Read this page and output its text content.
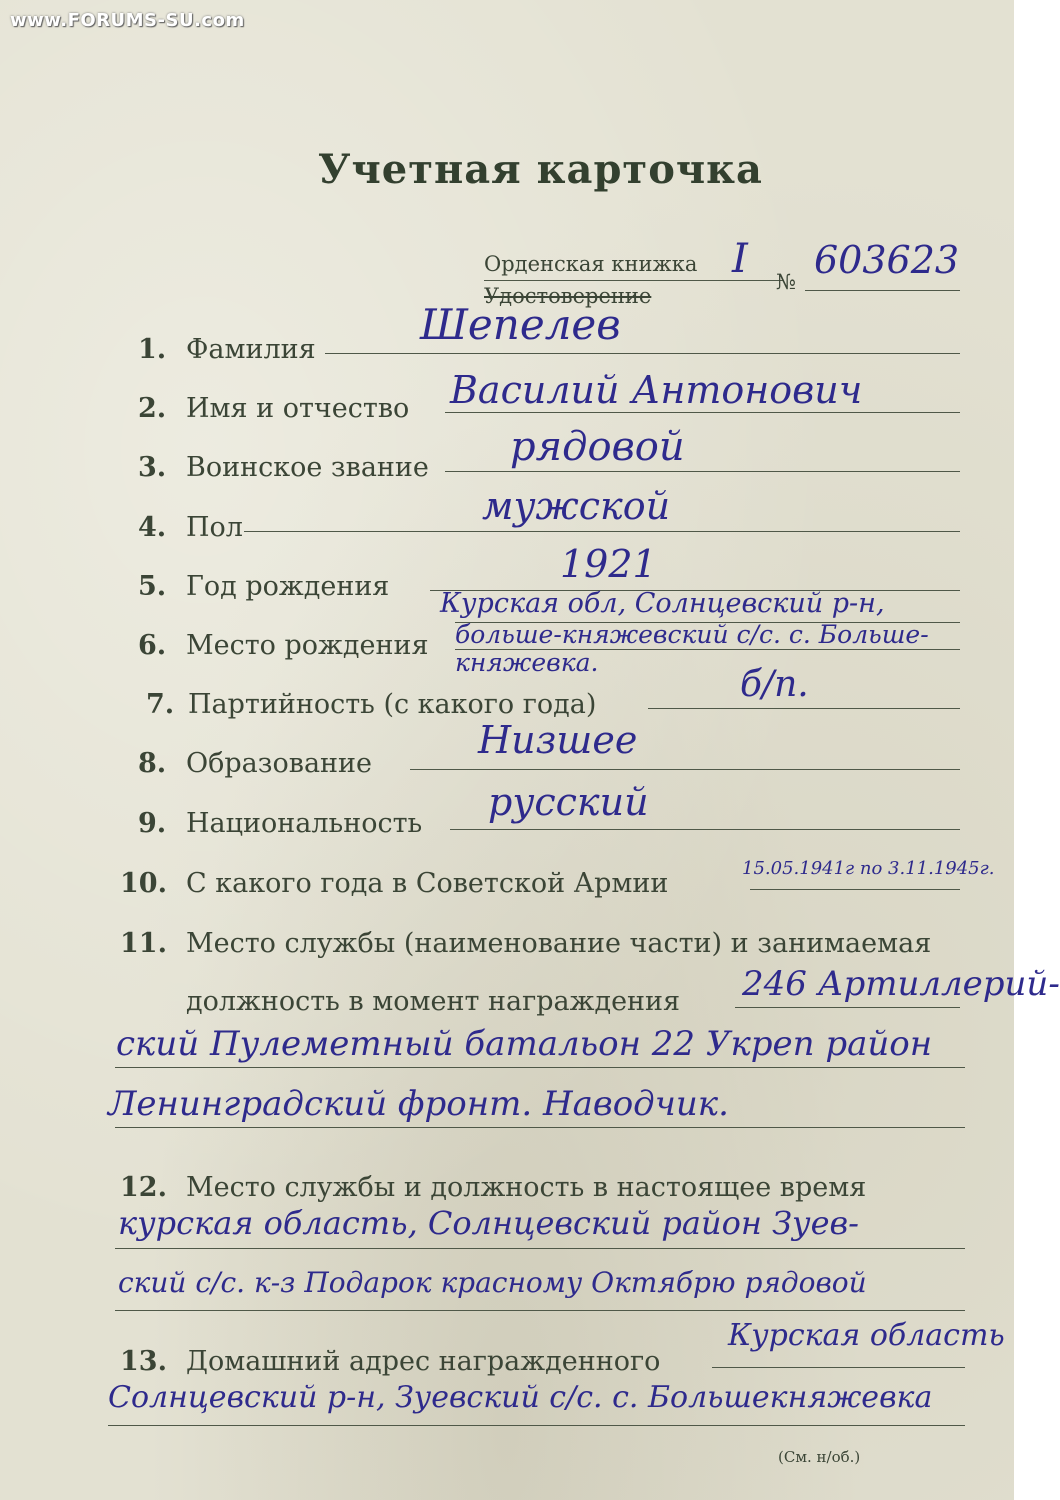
www.FORUMS-SU.com
Учетная карточка
Орденская книжка
Удостоверение
I № 603623
1. Фамилия
Шепелев
2. Имя и отчество Василий Антонович
3. Воинское звание рядовой
4. Пол	мужской
5. Год рождения
1921
6. Место рождения
Курская обл, Солнцевский р-н,
больше-княжевский с/с. с. Больше-
княжевка.
7. Партийность (с какого года)	б/п.
8. Образование
Низшее
9. Национальность русский
10. С какого года в Советской Армии	15.05.1941г по 3.11.1945г.
11. Место службы (наименование части) и занимаемая
должность в момент награждения 246 Артиллерий-
ский Пулеметный батальон 22 Укреп район
Ленинградский фронт. Наводчик.
12. Место службы и должность в настоящее время
курская область, Солнцевский район Зуев-
ский с/с. к-з Подарок красному Октябрю рядовой
13. Домашний адрес награжденного
Курская область
Солнцевский р-н, Зуевский с/с. с. Большекняжевка
(См. н/об.)
